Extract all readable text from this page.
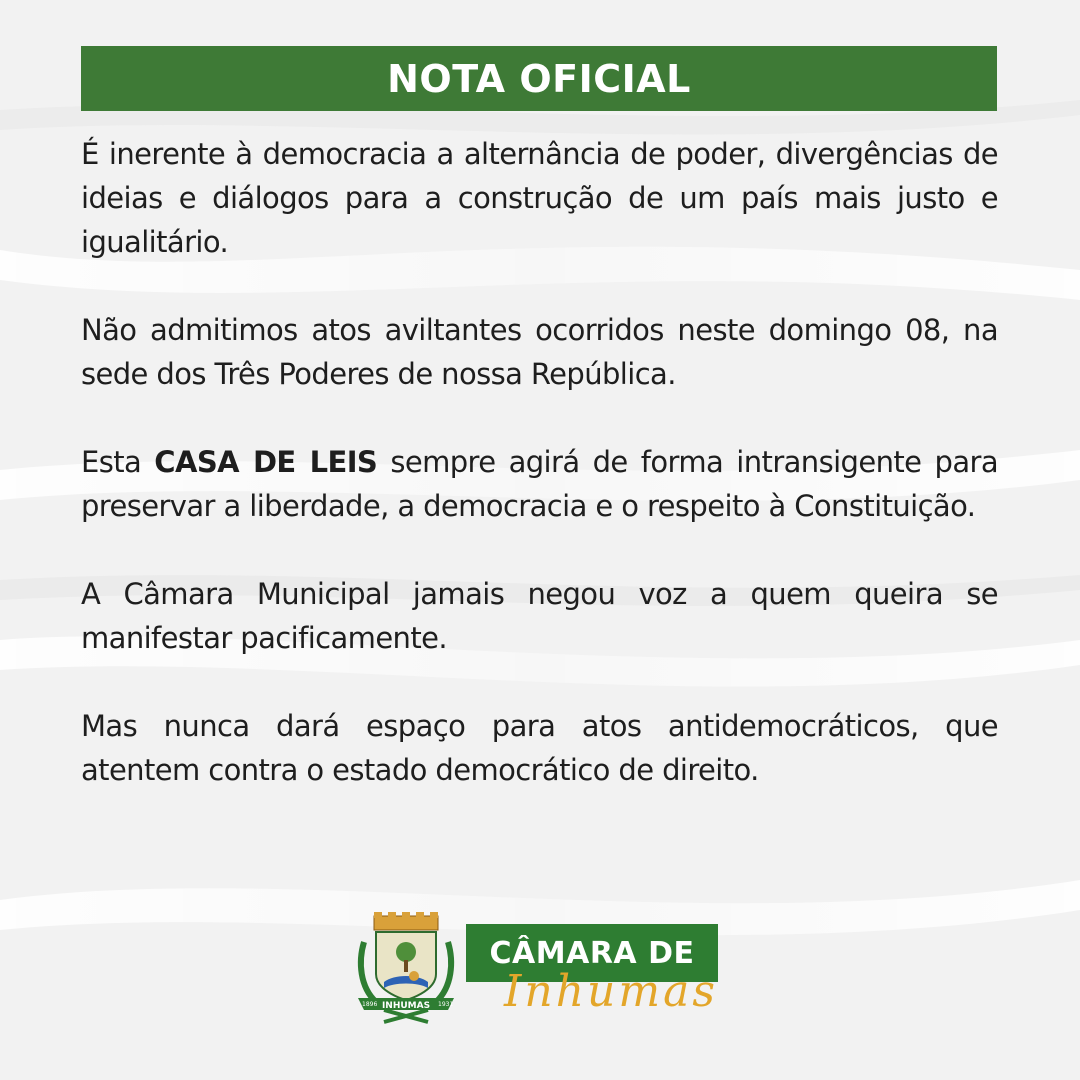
NOTA OFICIAL

É inerente à democracia a alternância de poder, divergências de ideias e diálogos para a construção de um país mais justo e igualitário.

Não admitimos atos aviltantes ocorridos neste domingo 08, na sede dos Três Poderes de nossa República.

Esta CASA DE LEIS sempre agirá de forma intransigente para preservar a liberdade, a democracia e o respeito à Constituição.

A Câmara Municipal jamais negou voz a quem queira se manifestar pacificamente.

Mas nunca dará espaço para atos antidemocráticos, que atentem contra o estado democrático de direito.

INHUMAS
1896	1931
CÂMARA DE
Inhumas
